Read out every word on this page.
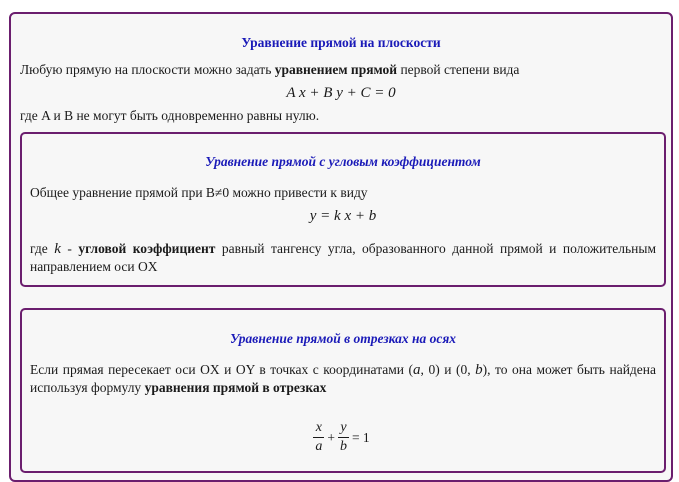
Уравнение прямой на плоскости
Любую прямую на плоскости можно задать уравнением прямой первой степени вида
A x + B y + C = 0
где A и B не могут быть одновременно равны нулю.
Уравнение прямой с угловым коэффициентом
Общее уравнение прямой при B≠0 можно привести к виду
y = k x + b
где k - угловой коэффициент равный тангенсу угла, образованного данной прямой и положительным направлением оси OX
Уравнение прямой в отрезках на осях
Если прямая пересекает оси OX и OY в точках с координатами (a, 0) и (0, b), то она может быть найдена используя формулу уравнения прямой в отрезках
$\frac{x}{a} + \frac{y}{b} = 1$
